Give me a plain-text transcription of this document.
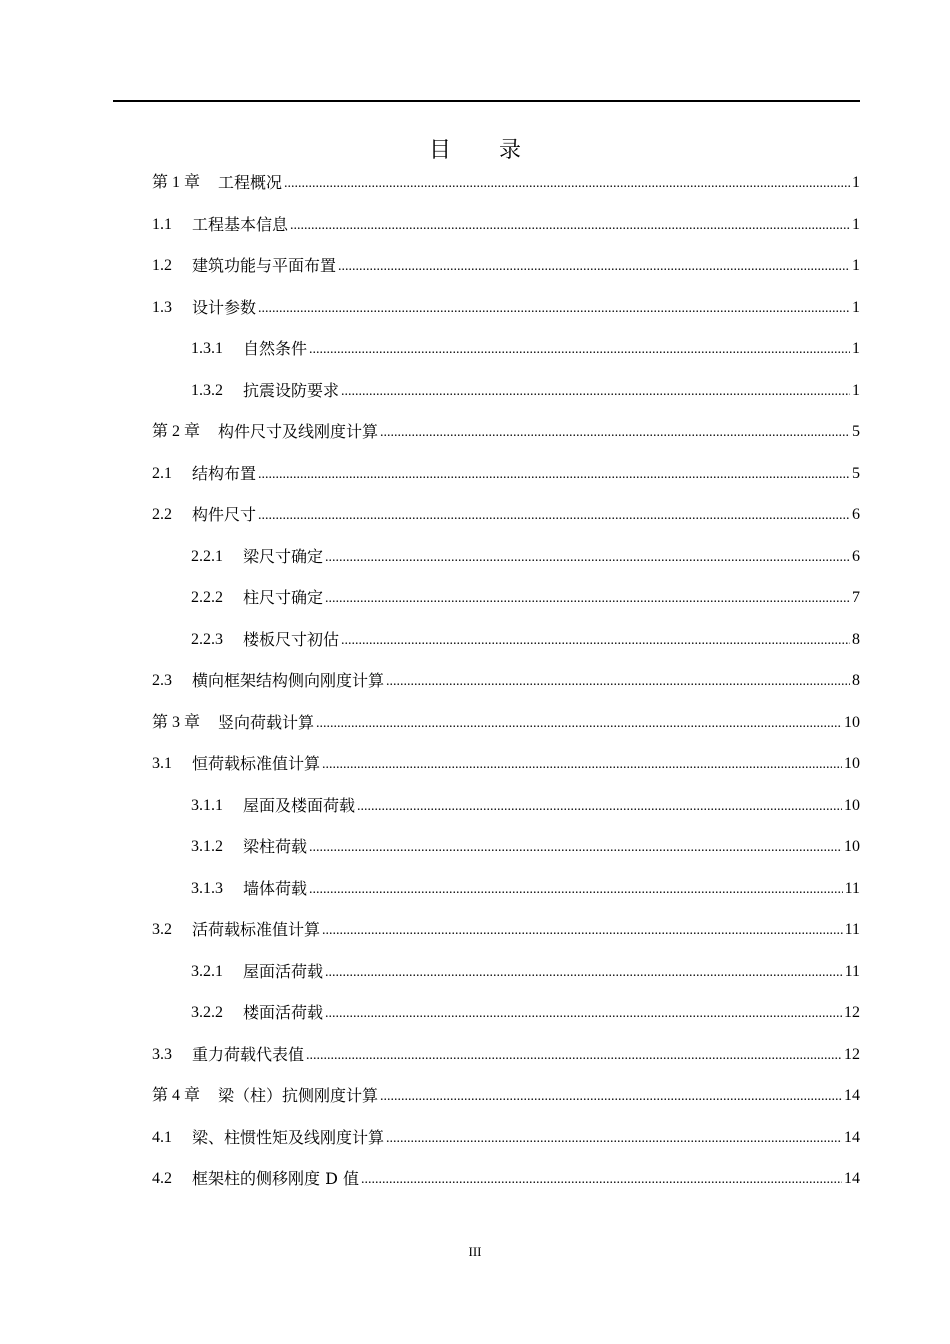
目 录
第 1 章 工程概况 .....	1
1.1 工程基本信息 .....	1
1.2 建筑功能与平面布置 .....	1
1.3 设计参数 .....	1
1.3.1 自然条件 .....	1
1.3.2 抗震设防要求 .....	1
第 2 章 构件尺寸及线刚度计算 .....	5
2.1 结构布置 .....	5
2.2 构件尺寸 .....	6
2.2.1 梁尺寸确定 .....	6
2.2.2 柱尺寸确定 .....	7
2.2.3 楼板尺寸初估 .....	8
2.3 横向框架结构侧向刚度计算 .....	8
第 3 章 竖向荷载计算 .....	10
3.1 恒荷载标准值计算 .....	10
3.1.1 屋面及楼面荷载 .....	10
3.1.2 梁柱荷载 .....	10
3.1.3 墙体荷载 .....	11
3.2 活荷载标准值计算 .....	11
3.2.1 屋面活荷载 .....	11
3.2.2 楼面活荷载 .....	12
3.3 重力荷载代表值 .....	12
第 4 章 梁（柱）抗侧刚度计算 .....	14
4.1 梁、柱惯性矩及线刚度计算 .....	14
4.2 框架柱的侧移刚度 D 值 .....	14
III
